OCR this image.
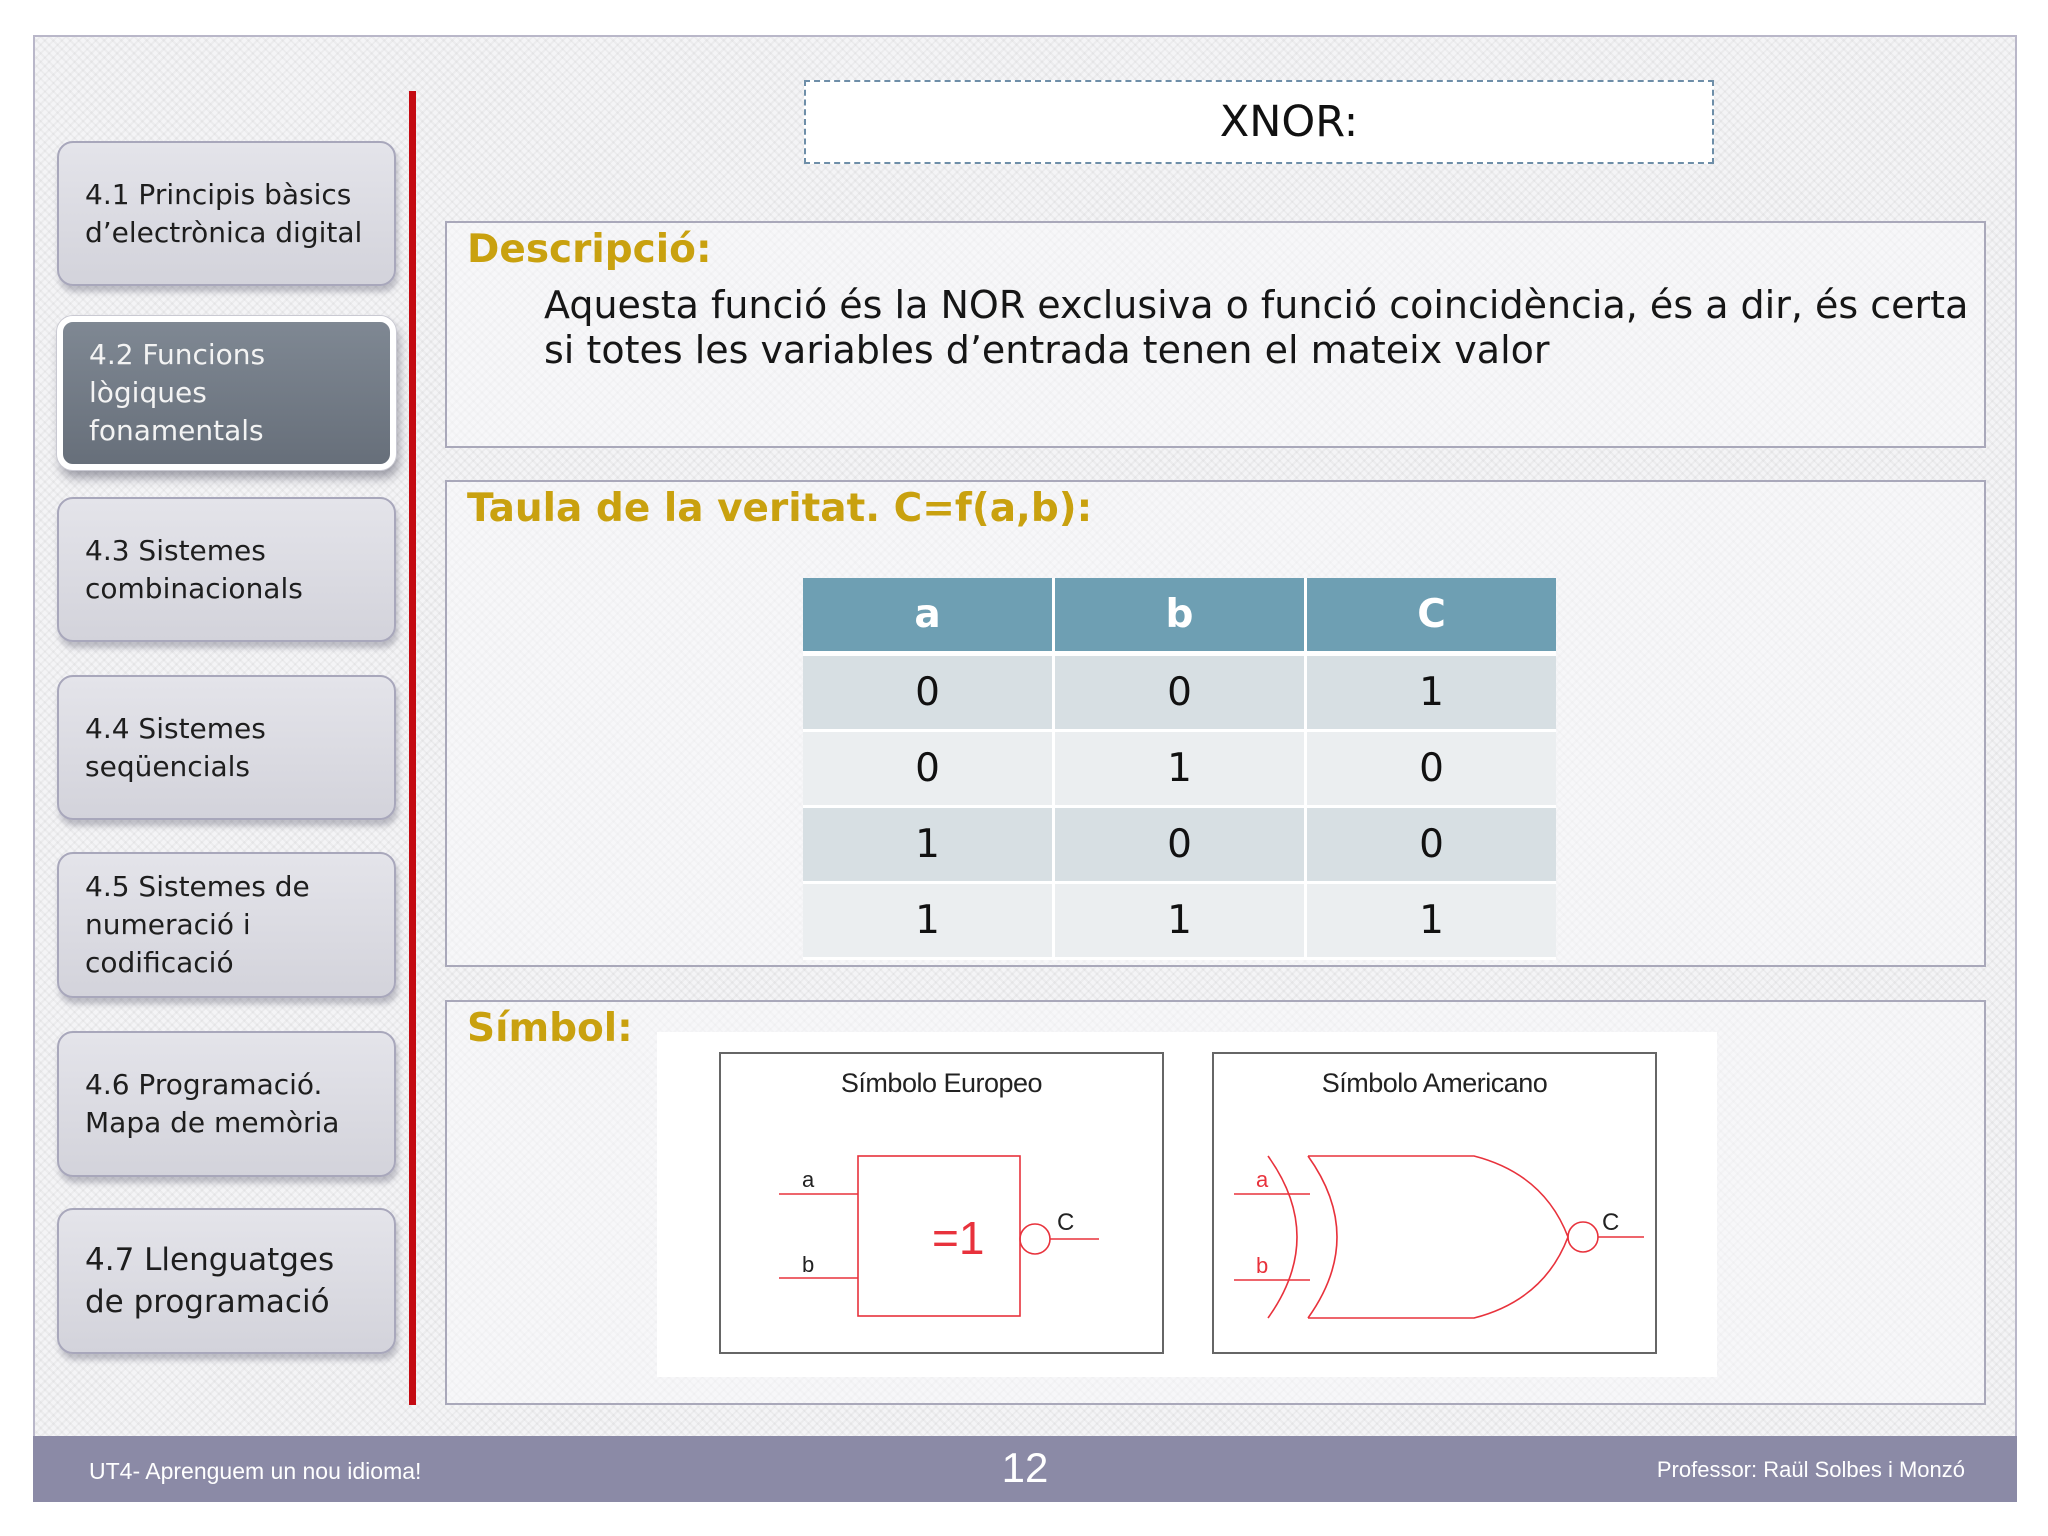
4.1 Principis bàsics d’electrònica digital
4.2 Funcions lògiques fonamentals
4.3 Sistemes combinacionals
4.4 Sistemes seqüencials
4.5 Sistemes de numeració i codificació
4.6 Programació. Mapa de memòria
4.7 Llenguatges de programació
XNOR:
Descripció:
Aquesta funció és la NOR exclusiva o funció coincidència, és a dir, és certa si totes les variables d’entrada tenen el mateix valor
Taula de la veritat. C=f(a,b):
a	b	C
0	0	1
0	1	0
1	0	0
1	1	1
Símbol:
Símbolo Europeo
a
b
C
=1
Símbolo Americano
a
b
C
UT4- Aprenguem un nou idioma!	12	Professor: Raül Solbes i Monzó
